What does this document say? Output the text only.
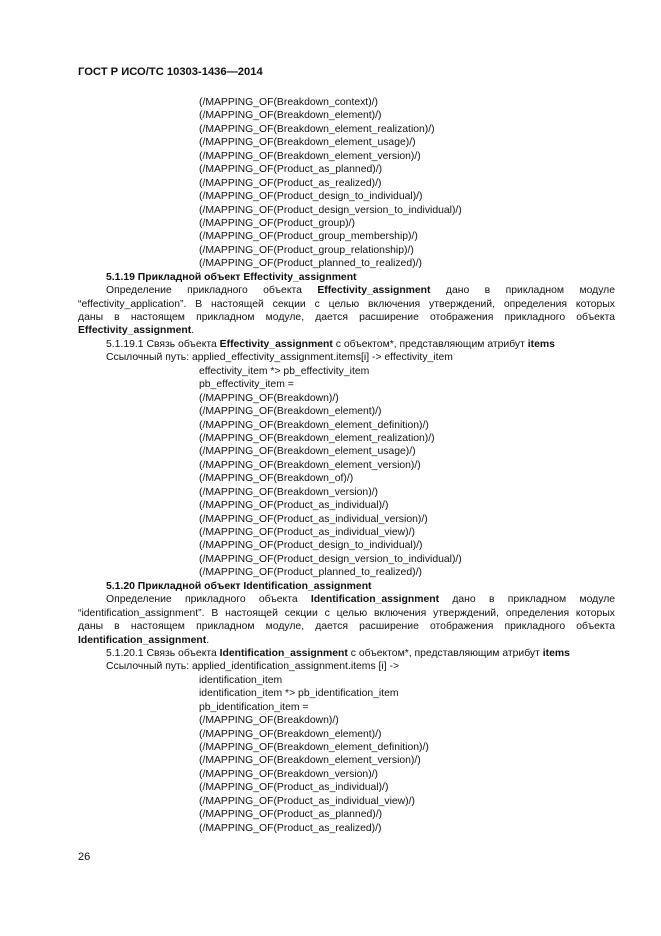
ГОСТ Р ИСО/ТС 10303-1436—2014
(/MAPPING_OF(Breakdown_context)/)
(/MAPPING_OF(Breakdown_element)/)
(/MAPPING_OF(Breakdown_element_realization)/)
(/MAPPING_OF(Breakdown_element_usage)/)
(/MAPPING_OF(Breakdown_element_version)/)
(/MAPPING_OF(Product_as_planned)/)
(/MAPPING_OF(Product_as_realized)/)
(/MAPPING_OF(Product_design_to_individual)/)
(/MAPPING_OF(Product_design_version_to_individual)/)
(/MAPPING_OF(Product_group)/)
(/MAPPING_OF(Product_group_membership)/)
(/MAPPING_OF(Product_group_relationship)/)
(/MAPPING_OF(Product_planned_to_realized)/)
5.1.19 Прикладной объект Effectivity_assignment
Определение прикладного объекта Effectivity_assignment дано в прикладном модуле
“effectivity_application”. В настоящей секции с целью включения утверждений, определения которых
даны в настоящем прикладном модуле, дается расширение отображения прикладного объекта
Effectivity_assignment.
5.1.19.1 Связь объекта Effectivity_assignment с объектом*, представляющим атрибут items
Ссылочный путь: applied_effectivity_assignment.items[i] -> effectivity_item
effectivity_item *> pb_effectivity_item
pb_effectivity_item =
(/MAPPING_OF(Breakdown)/)
(/MAPPING_OF(Breakdown_element)/)
(/MAPPING_OF(Breakdown_element_definition)/)
(/MAPPING_OF(Breakdown_element_realization)/)
(/MAPPING_OF(Breakdown_element_usage)/)
(/MAPPING_OF(Breakdown_element_version)/)
(/MAPPING_OF(Breakdown_of)/)
(/MAPPING_OF(Breakdown_version)/)
(/MAPPING_OF(Product_as_individual)/)
(/MAPPING_OF(Product_as_individual_version)/)
(/MAPPING_OF(Product_as_individual_view)/)
(/MAPPING_OF(Product_design_to_individual)/)
(/MAPPING_OF(Product_design_version_to_individual)/)
(/MAPPING_OF(Product_planned_to_realized)/)
5.1.20 Прикладной объект Identification_assignment
Определение прикладного объекта Identification_assignment дано в прикладном модуле
“identification_assignment”. В настоящей секции с целью включения утверждений, определения которых
даны в настоящем прикладном модуле, дается расширение отображения прикладного объекта
Identification_assignment.
5.1.20.1 Связь объекта Identification_assignment с объектом*, представляющим атрибут items
Ссылочный путь: applied_identification_assignment.items [i] ->
identification_item
identification_item *> pb_identification_item
pb_identification_item =
(/MAPPING_OF(Breakdown)/)
(/MAPPING_OF(Breakdown_element)/)
(/MAPPING_OF(Breakdown_element_definition)/)
(/MAPPING_OF(Breakdown_element_version)/)
(/MAPPING_OF(Breakdown_version)/)
(/MAPPING_OF(Product_as_individual)/)
(/MAPPING_OF(Product_as_individual_view)/)
(/MAPPING_OF(Product_as_planned)/)
(/MAPPING_OF(Product_as_realized)/)
26
